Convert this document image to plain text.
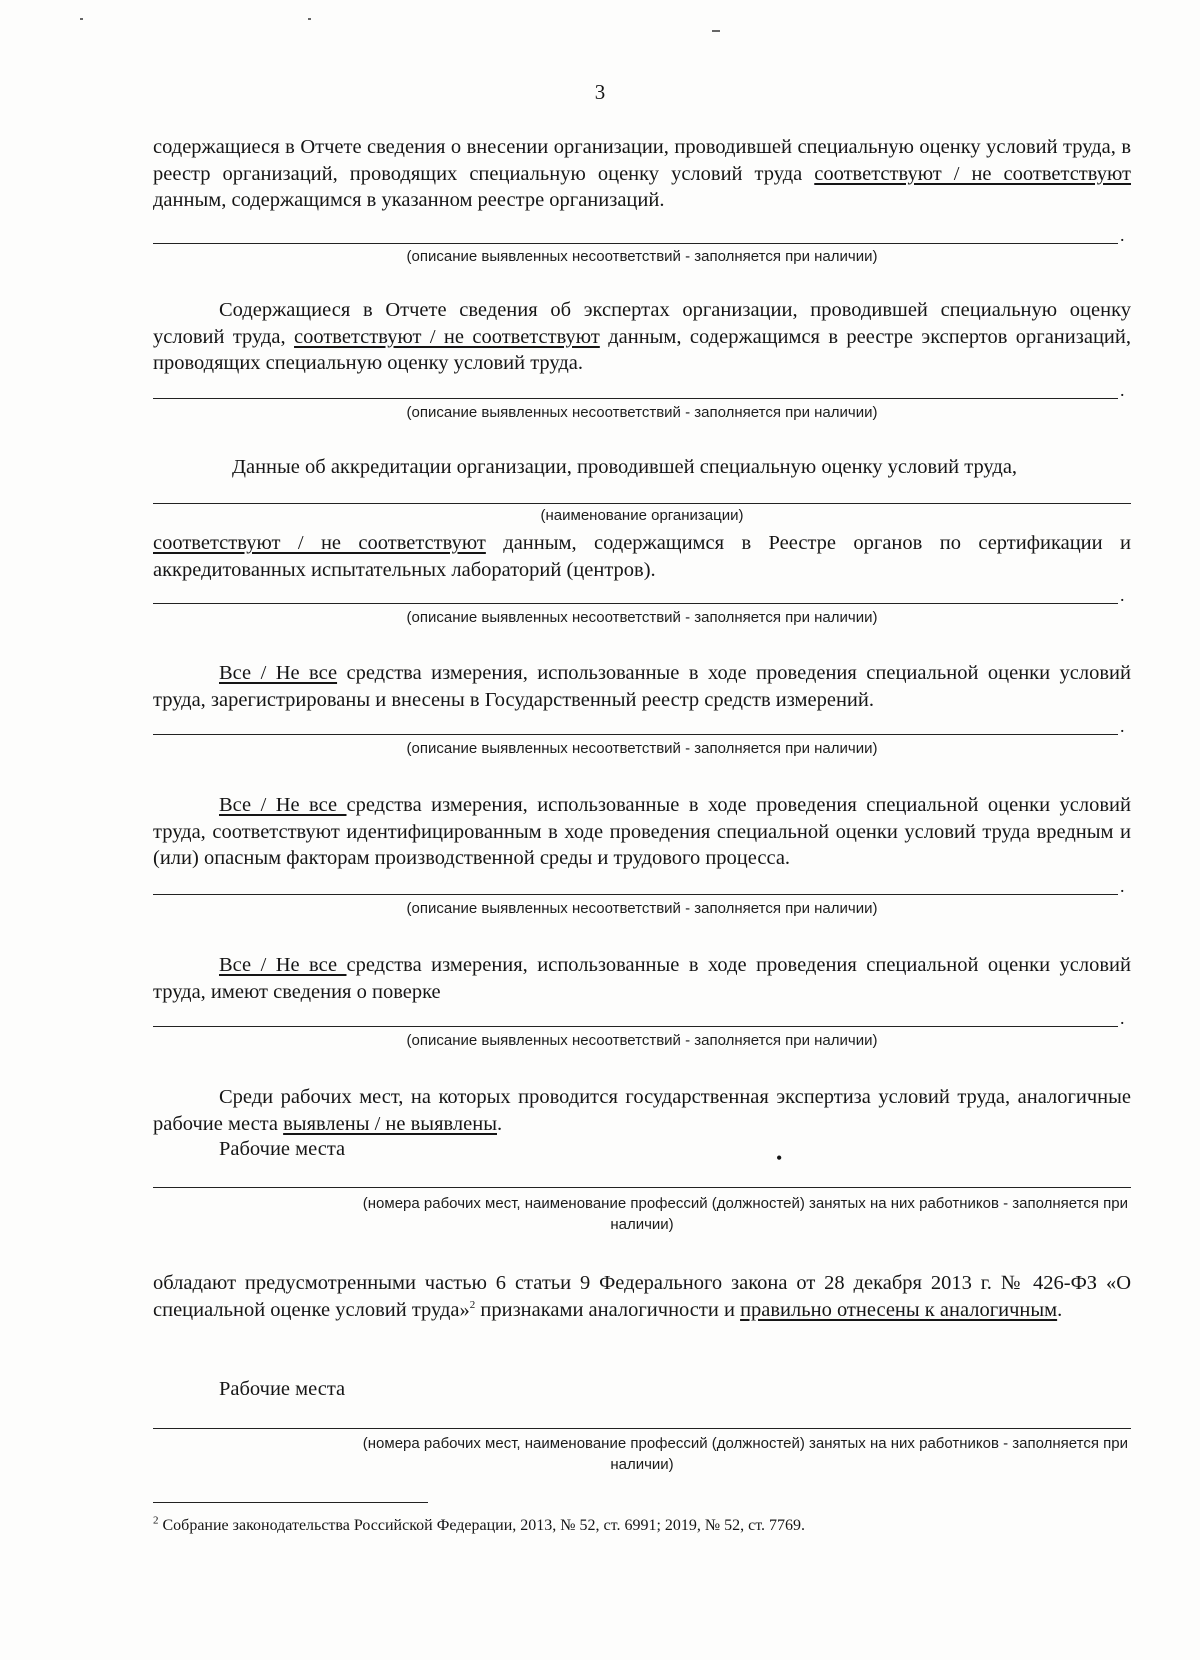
3

содержащиеся в Отчете сведения о внесении организации, проводившей специальную оценку условий труда, в реестр организаций, проводящих специальную оценку условий труда соответствуют / не соответствуют данным, содержащимся в указанном реестре организаций.

.
(описание выявленных несоответствий - заполняется при наличии)

Содержащиеся в Отчете сведения об экспертах организации, проводившей специальную оценку условий труда, соответствуют / не соответствуют данным, содержащимся в реестре экспертов организаций, проводящих специальную оценку условий труда.

.
(описание выявленных несоответствий - заполняется при наличии)

Данные об аккредитации организации, проводившей специальную оценку условий труда,

(наименование организации)

соответствуют / не соответствуют данным, содержащимся в Реестре органов по сертификации и аккредитованных испытательных лабораторий (центров).

.
(описание выявленных несоответствий - заполняется при наличии)

Все / Не все средства измерения, использованные в ходе проведения специальной оценки условий труда, зарегистрированы и внесены в Государственный реестр средств измерений.

.
(описание выявленных несоответствий - заполняется при наличии)

Все / Не все средства измерения, использованные в ходе проведения специальной оценки условий труда, соответствуют идентифицированным в ходе проведения специальной оценки условий труда вредным и (или) опасным факторам производственной среды и трудового процесса.

.
(описание выявленных несоответствий - заполняется при наличии)

Все / Не все средства измерения, использованные в ходе проведения специальной оценки условий труда, имеют сведения о поверке

.
(описание выявленных несоответствий - заполняется при наличии)

Среди рабочих мест, на которых проводится государственная экспертиза условий труда, аналогичные рабочие места выявлены / не выявлены.

Рабочие места	•
(номера рабочих мест, наименование профессий (должностей) занятых на них работников - заполняется при
наличии)

обладают предусмотренными частью 6 статьи 9 Федерального закона от 28 декабря 2013 г. № 426-ФЗ «О специальной оценке условий труда»$^2$ признаками аналогичности и правильно отнесены к аналогичным.

Рабочие места
(номера рабочих мест, наименование профессий (должностей) занятых на них работников - заполняется при
наличии)
$^2$ Собрание законодательства Российской Федерации, 2013, № 52, ст. 6991; 2019, № 52, ст. 7769.
